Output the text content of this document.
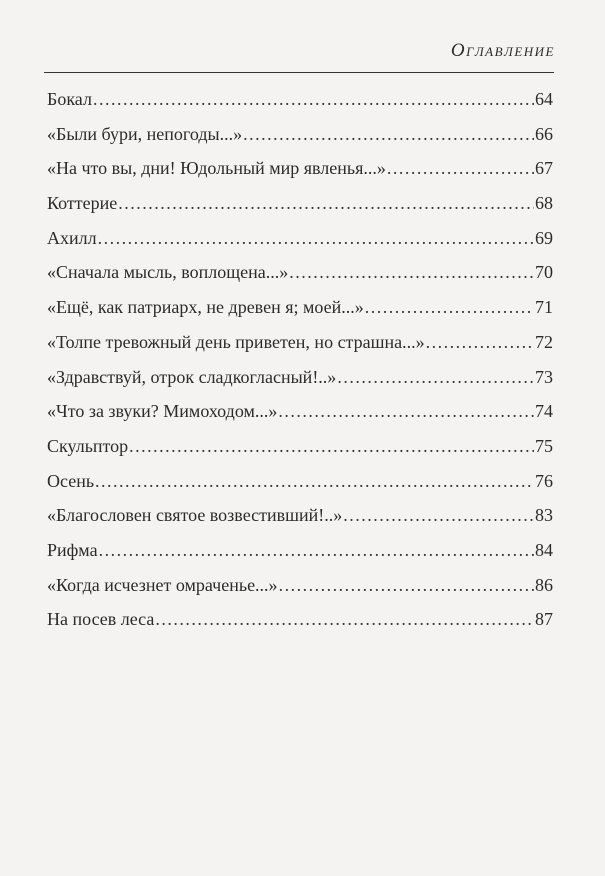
Оглавление
Бокал . . .	64
«Были бури, непогоды...» . . .	66
«На что вы, дни! Юдольный мир явленья...» . . .	67
Коттерие . . .	68
Ахилл . . .	69
«Сначала мысль, воплощена...» . . .	70
«Ещё, как патриарх, не древен я; моей...» . . .	71
«Толпе тревожный день приветен, но страшна...» . . .	72
«Здравствуй, отрок сладкогласный!..» . . .	73
«Что за звуки? Мимоходом...» . . .	74
Скульптор . . .	75
Осень . . .	76
«Благословен святое возвестивший!..» . . .	83
Рифма . . .	84
«Когда исчезнет омраченье...» . . .	86
На посев леса . . .	87
